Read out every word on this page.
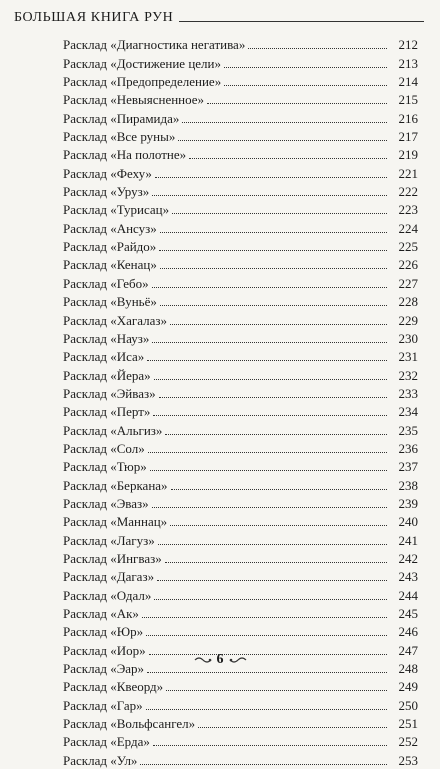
БОЛЬШАЯ КНИГА РУН
Расклад «Диагностика негатива»	212
Расклад «Достижение цели»	213
Расклад «Предопределение»	214
Расклад «Невыясненное»	215
Расклад «Пирамида»	216
Расклад «Все руны»	217
Расклад «На полотне»	219
Расклад «Феху»	221
Расклад «Уруз»	222
Расклад «Турисац»	223
Расклад «Ансуз»	224
Расклад «Райдо»	225
Расклад «Кенац»	226
Расклад «Гебо»	227
Расклад «Вуньё»	228
Расклад «Хагалаз»	229
Расклад «Науз»	230
Расклад «Иса»	231
Расклад «Йера»	232
Расклад «Эйваз»	233
Расклад «Перт»	234
Расклад «Альгиз»	235
Расклад «Сол»	236
Расклад «Тюр»	237
Расклад «Беркана»	238
Расклад «Эваз»	239
Расклад «Маннац»	240
Расклад «Лагуз»	241
Расклад «Ингваз»	242
Расклад «Дагаз»	243
Расклад «Одал»	244
Расклад «Ак»	245
Расклад «Юр»	246
Расклад «Иор»	247
Расклад «Эар»	248
Расклад «Квеорд»	249
Расклад «Гар»	250
Расклад «Вольфсангел»	251
Расклад «Ерда»	252
Расклад «Ул»	253
6
